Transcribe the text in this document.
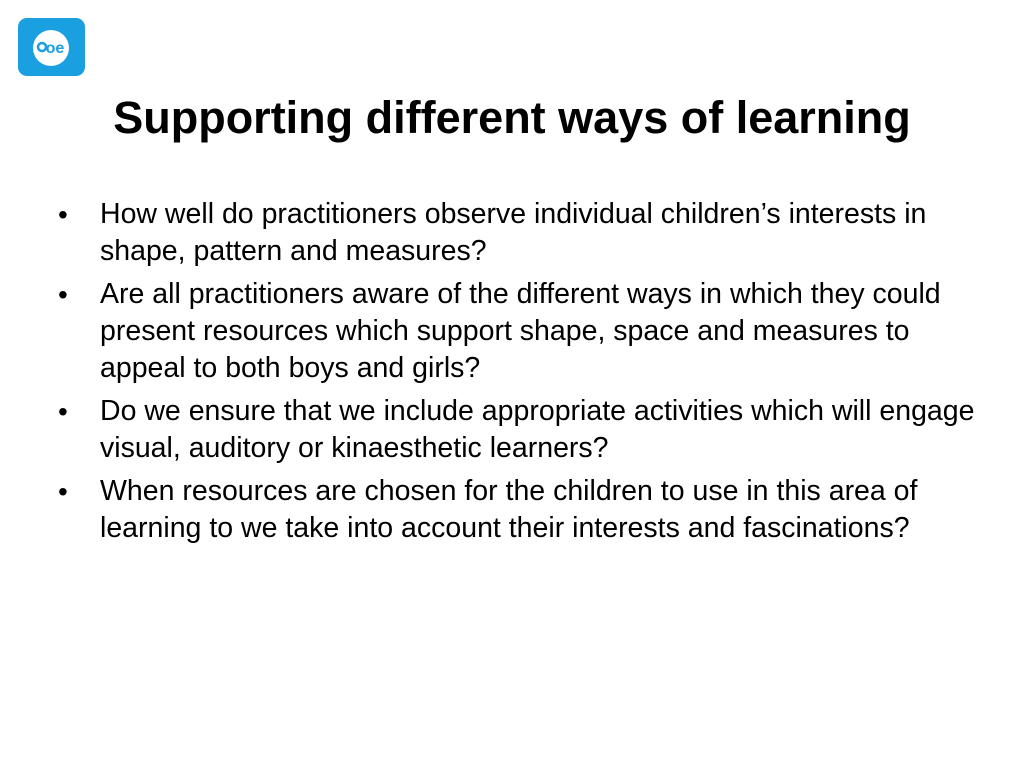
oe
Supporting different ways of learning
• How well do practitioners observe individual children’s interests in shape, pattern and measures?
• Are all practitioners aware of the different ways in which they could present resources which support shape, space and measures to appeal to both boys and girls?
• Do we ensure that we include appropriate activities which will engage visual, auditory or kinaesthetic learners?
• When resources are chosen for the children to use in this area of learning to we take into account their interests and fascinations?
